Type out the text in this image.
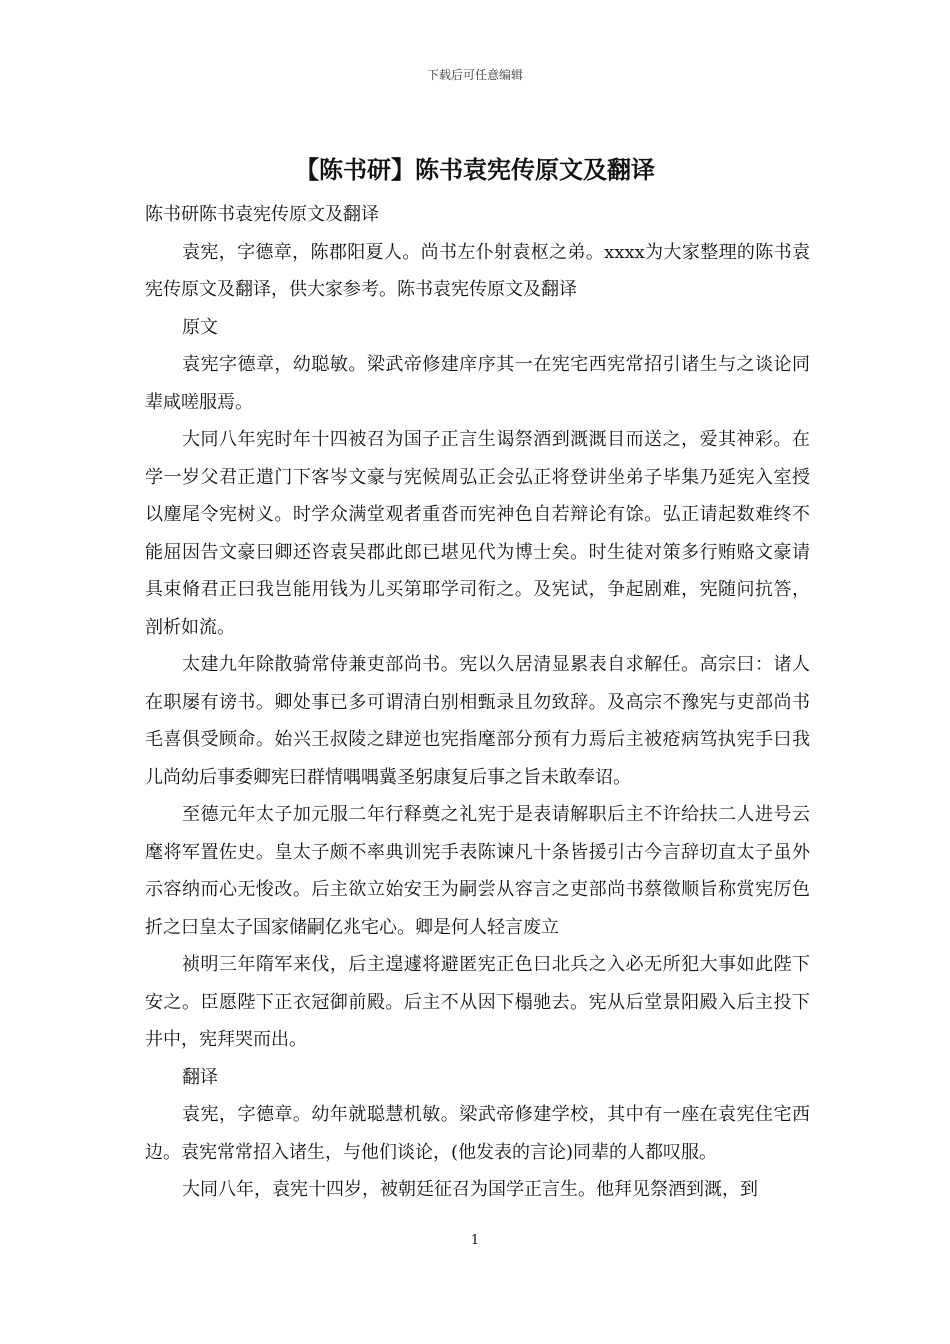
下载后可任意编辑
【陈书研】陈书袁宪传原文及翻译

陈书研陈书袁宪传原文及翻译

袁宪，字德章，陈郡阳夏人。尚书左仆射袁枢之弟。xxxx为大家整理的陈书袁宪传原文及翻译，供大家参考。陈书袁宪传原文及翻译

原文

袁宪字德章，幼聪敏。梁武帝修建庠序其一在宪宅西宪常招引诸生与之谈论同辈咸嗟服焉。

大同八年宪时年十四被召为国子正言生谒祭酒到溉溉目而送之，爱其神彩。在学一岁父君正遣门下客岑文豪与宪候周弘正会弘正将登讲坐弟子毕集乃延宪入室授以麈尾令宪树义。时学众满堂观者重沓而宪神色自若辩论有馀。弘正请起数难终不能屈因告文豪曰卿还咨袁吴郡此郎已堪见代为博士矣。时生徒对策多行贿赂文豪请具束脩君正曰我岂能用钱为儿买第耶学司衔之。及宪试，争起剧难，宪随问抗答，剖析如流。

太建九年除散骑常侍兼吏部尚书。宪以久居清显累表自求解任。高宗曰：诸人在职屡有谤书。卿处事已多可谓清白别相甄录且勿致辞。及高宗不豫宪与吏部尚书毛喜俱受顾命。始兴王叔陵之肆逆也宪指麾部分预有力焉后主被疮病笃执宪手曰我儿尚幼后事委卿宪曰群情喁喁冀圣躬康复后事之旨未敢奉诏。

至德元年太子加元服二年行释奠之礼宪于是表请解职后主不许给扶二人进号云麾将军置佐史。皇太子颇不率典训宪手表陈谏凡十条皆援引古今言辞切直太子虽外示容纳而心无悛改。后主欲立始安王为嗣尝从容言之吏部尚书蔡徵顺旨称赏宪厉色折之曰皇太子国家储嗣亿兆宅心。卿是何人轻言废立

祯明三年隋军来伐，后主遑遽将避匿宪正色曰北兵之入必无所犯大事如此陛下安之。臣愿陛下正衣冠御前殿。后主不从因下榻驰去。宪从后堂景阳殿入后主投下井中，宪拜哭而出。

翻译

袁宪，字德章。幼年就聪慧机敏。梁武帝修建学校，其中有一座在袁宪住宅西边。袁宪常常招入诸生，与他们谈论，(他发表的言论)同辈的人都叹服。

大同八年，袁宪十四岁，被朝廷征召为国学正言生。他拜见祭酒到溉，到

1
